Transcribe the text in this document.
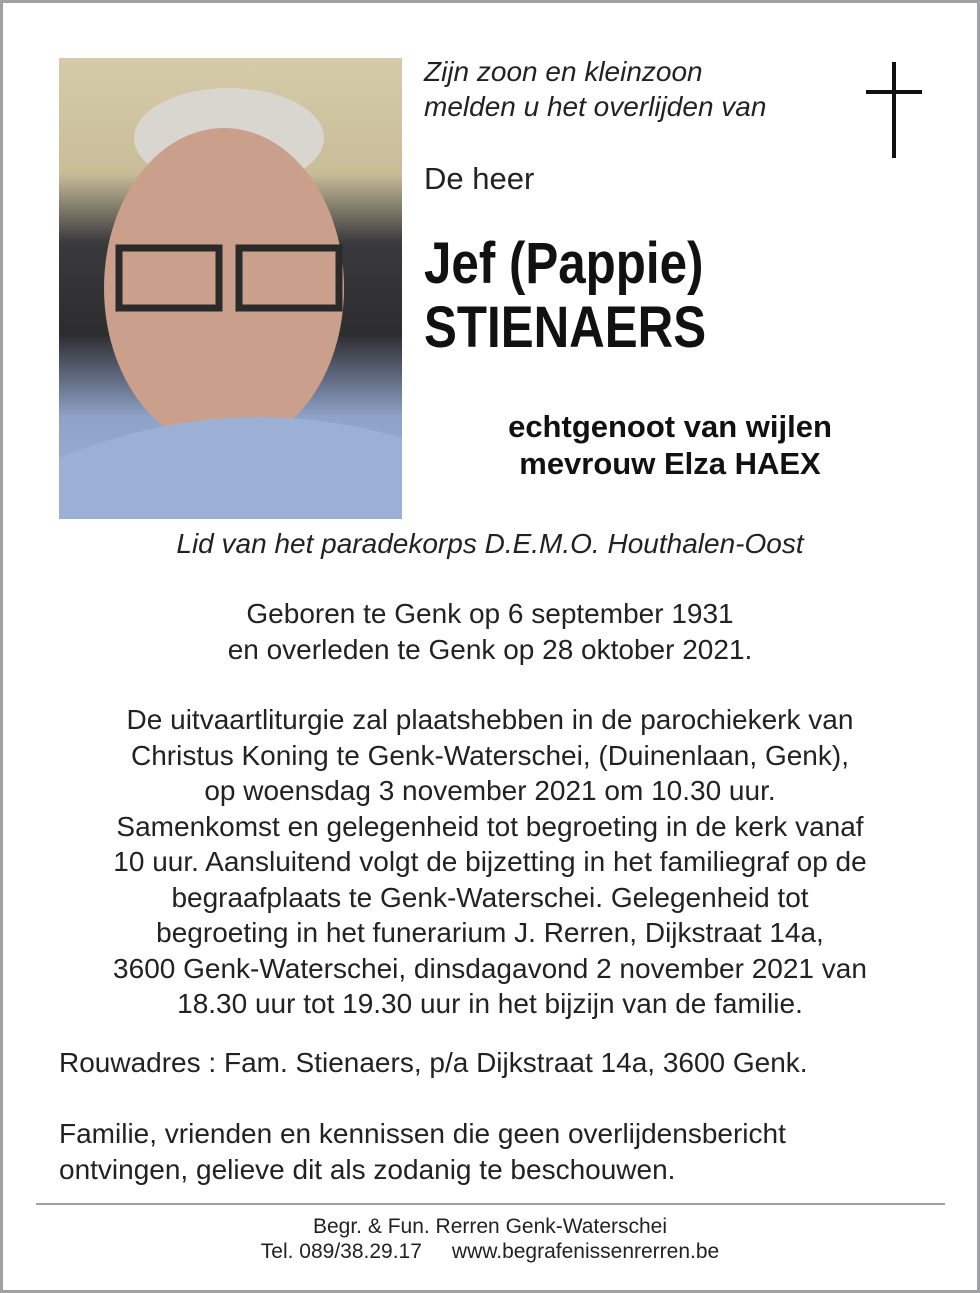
Zijn zoon en kleinzoon
melden u het overlijden van
De heer
Jef (Pappie)
STIENAERS
echtgenoot van wijlen
mevrouw Elza HAEX
Lid van het paradekorps D.E.M.O. Houthalen-Oost
Geboren te Genk op 6 september 1931
en overleden te Genk op 28 oktober 2021.
De uitvaartliturgie zal plaatshebben in de parochiekerk van
Christus Koning te Genk-Waterschei, (Duinenlaan, Genk),
op woensdag 3 november 2021 om 10.30 uur.
Samenkomst en gelegenheid tot begroeting in de kerk vanaf
10 uur. Aansluitend volgt de bijzetting in het familiegraf op de
begraafplaats te Genk-Waterschei. Gelegenheid tot
begroeting in het funerarium J. Rerren, Dijkstraat 14a,
3600 Genk-Waterschei, dinsdagavond 2 november 2021 van
18.30 uur tot 19.30 uur in het bijzijn van de familie.
Rouwadres : Fam. Stienaers, p/a Dijkstraat 14a, 3600 Genk.
Familie, vrienden en kennissen die geen overlijdensbericht
ontvingen, gelieve dit als zodanig te beschouwen.
Begr. & Fun. Rerren Genk-Waterschei
Tel. 089/38.29.17 www.begrafenissenrerren.be
